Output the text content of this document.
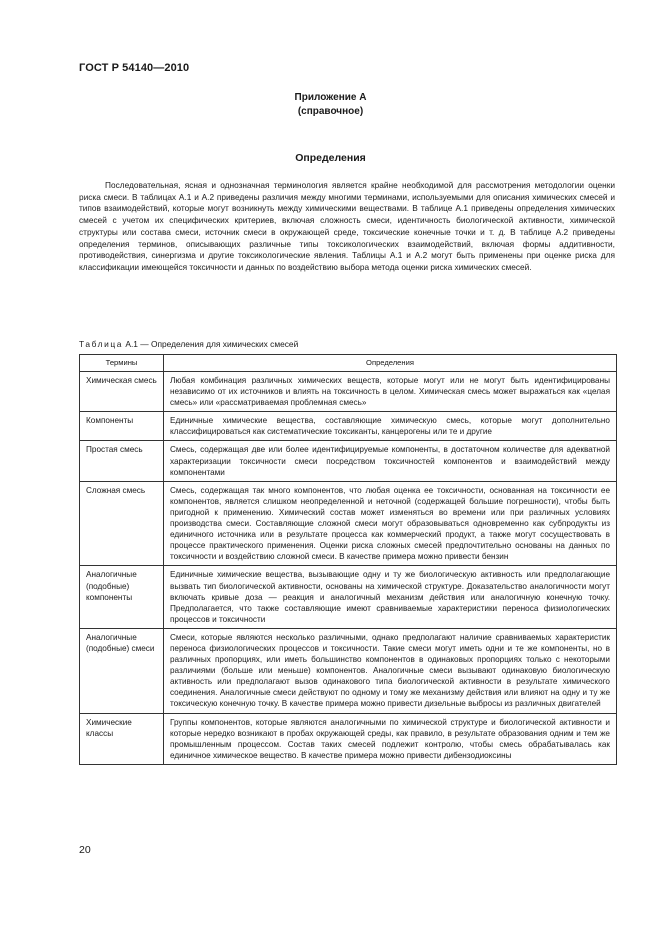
ГОСТ Р 54140—2010
Приложение А
(справочное)
Определения

Последовательная, ясная и однозначная терминология является крайне необходимой для рассмотрения методологии оценки риска смеси. В таблицах А.1 и А.2 приведены различия между многими терминами, используемыми для описания химических смесей и типов взаимодействий, которые могут возникнуть между химическими веществами. В таблице А.1 приведены определения химических смесей с учетом их специфических критериев, включая сложность смеси, идентичность биологической активности, химической структуры или состава смеси, источник смеси в окружающей среде, токсические конечные точки и т. д. В таблице А.2 приведены определения терминов, описывающих различные типы токсикологических взаимодействий, включая формы аддитивности, противодействия, синергизма и другие токсикологические явления. Таблицы А.1 и А.2 могут быть применены при оценке риска для классификации имеющейся токсичности и данных по воздействию выбора метода оценки риска химических смесей.

Таблица А.1 — Определения для химических смесей
Термины	Определения
Химическая смесь	Любая комбинация различных химических веществ, которые могут или не могут быть идентифицированы независимо от их источников и влиять на токсичность в целом. Химическая смесь может выражаться как «целая смесь» или «рассматриваемая проблемная смесь»
Компоненты	Единичные химические вещества, составляющие химическую смесь, которые могут дополнительно классифицироваться как систематические токсиканты, канцерогены или те и другие
Простая смесь	Смесь, содержащая две или более идентифицируемые компоненты, в достаточном количестве для адекватной характеризации токсичности смеси посредством токсичностей компонентов и взаимодействий между компонентами
Сложная смесь	Смесь, содержащая так много компонентов, что любая оценка ее токсичности, основанная на токсичности ее компонентов, является слишком неопределенной и неточной (содержащей большие погрешности), чтобы быть пригодной к применению. Химический состав может изменяться во времени или при различных условиях производства смеси. Составляющие сложной смеси могут образовываться одновременно как субпродукты из единичного источника или в результате процесса как коммерческий продукт, а также могут сосуществовать в процессе практического применения. Оценки риска сложных смесей предпочтительно основаны на данных по токсичности и воздействию сложной смеси. В качестве примера можно привести бензин
Аналогичные (подобные) компоненты	Единичные химические вещества, вызывающие одну и ту же биологическую активность или предполагающие вызвать тип биологической активности, основаны на химической структуре. Доказательство аналогичности могут включать кривые доза — реакция и аналогичный механизм действия или аналогичную конечную точку. Предполагается, что также составляющие имеют сравниваемые характеристики переноса физиологических процессов и токсичности
Аналогичные (подобные) смеси	Смеси, которые являются несколько различными, однако предполагают наличие сравниваемых характеристик переноса физиологических процессов и токсичности. Такие смеси могут иметь одни и те же компоненты, но в различных пропорциях, или иметь большинство компонентов в одинаковых пропорциях только с некоторыми различиями (больше или меньше) компонентов. Аналогичные смеси вызывают одинаковую биологическую активность или предполагают вызов одинакового типа биологической активности в результате химического соединения. Аналогичные смеси действуют по одному и тому же механизму действия или влияют на одну и ту же токсическую конечную точку. В качестве примера можно привести дизельные выбросы из различных двигателей
Химические классы	Группы компонентов, которые являются аналогичными по химической структуре и биологической активности и которые нередко возникают в пробах окружающей среды, как правило, в результате образования одним и тем же промышленным процессом. Состав таких смесей подлежит контролю, чтобы смесь обрабатывалась как единичное химическое вещество. В качестве примера можно привести дибензодиоксины
20
